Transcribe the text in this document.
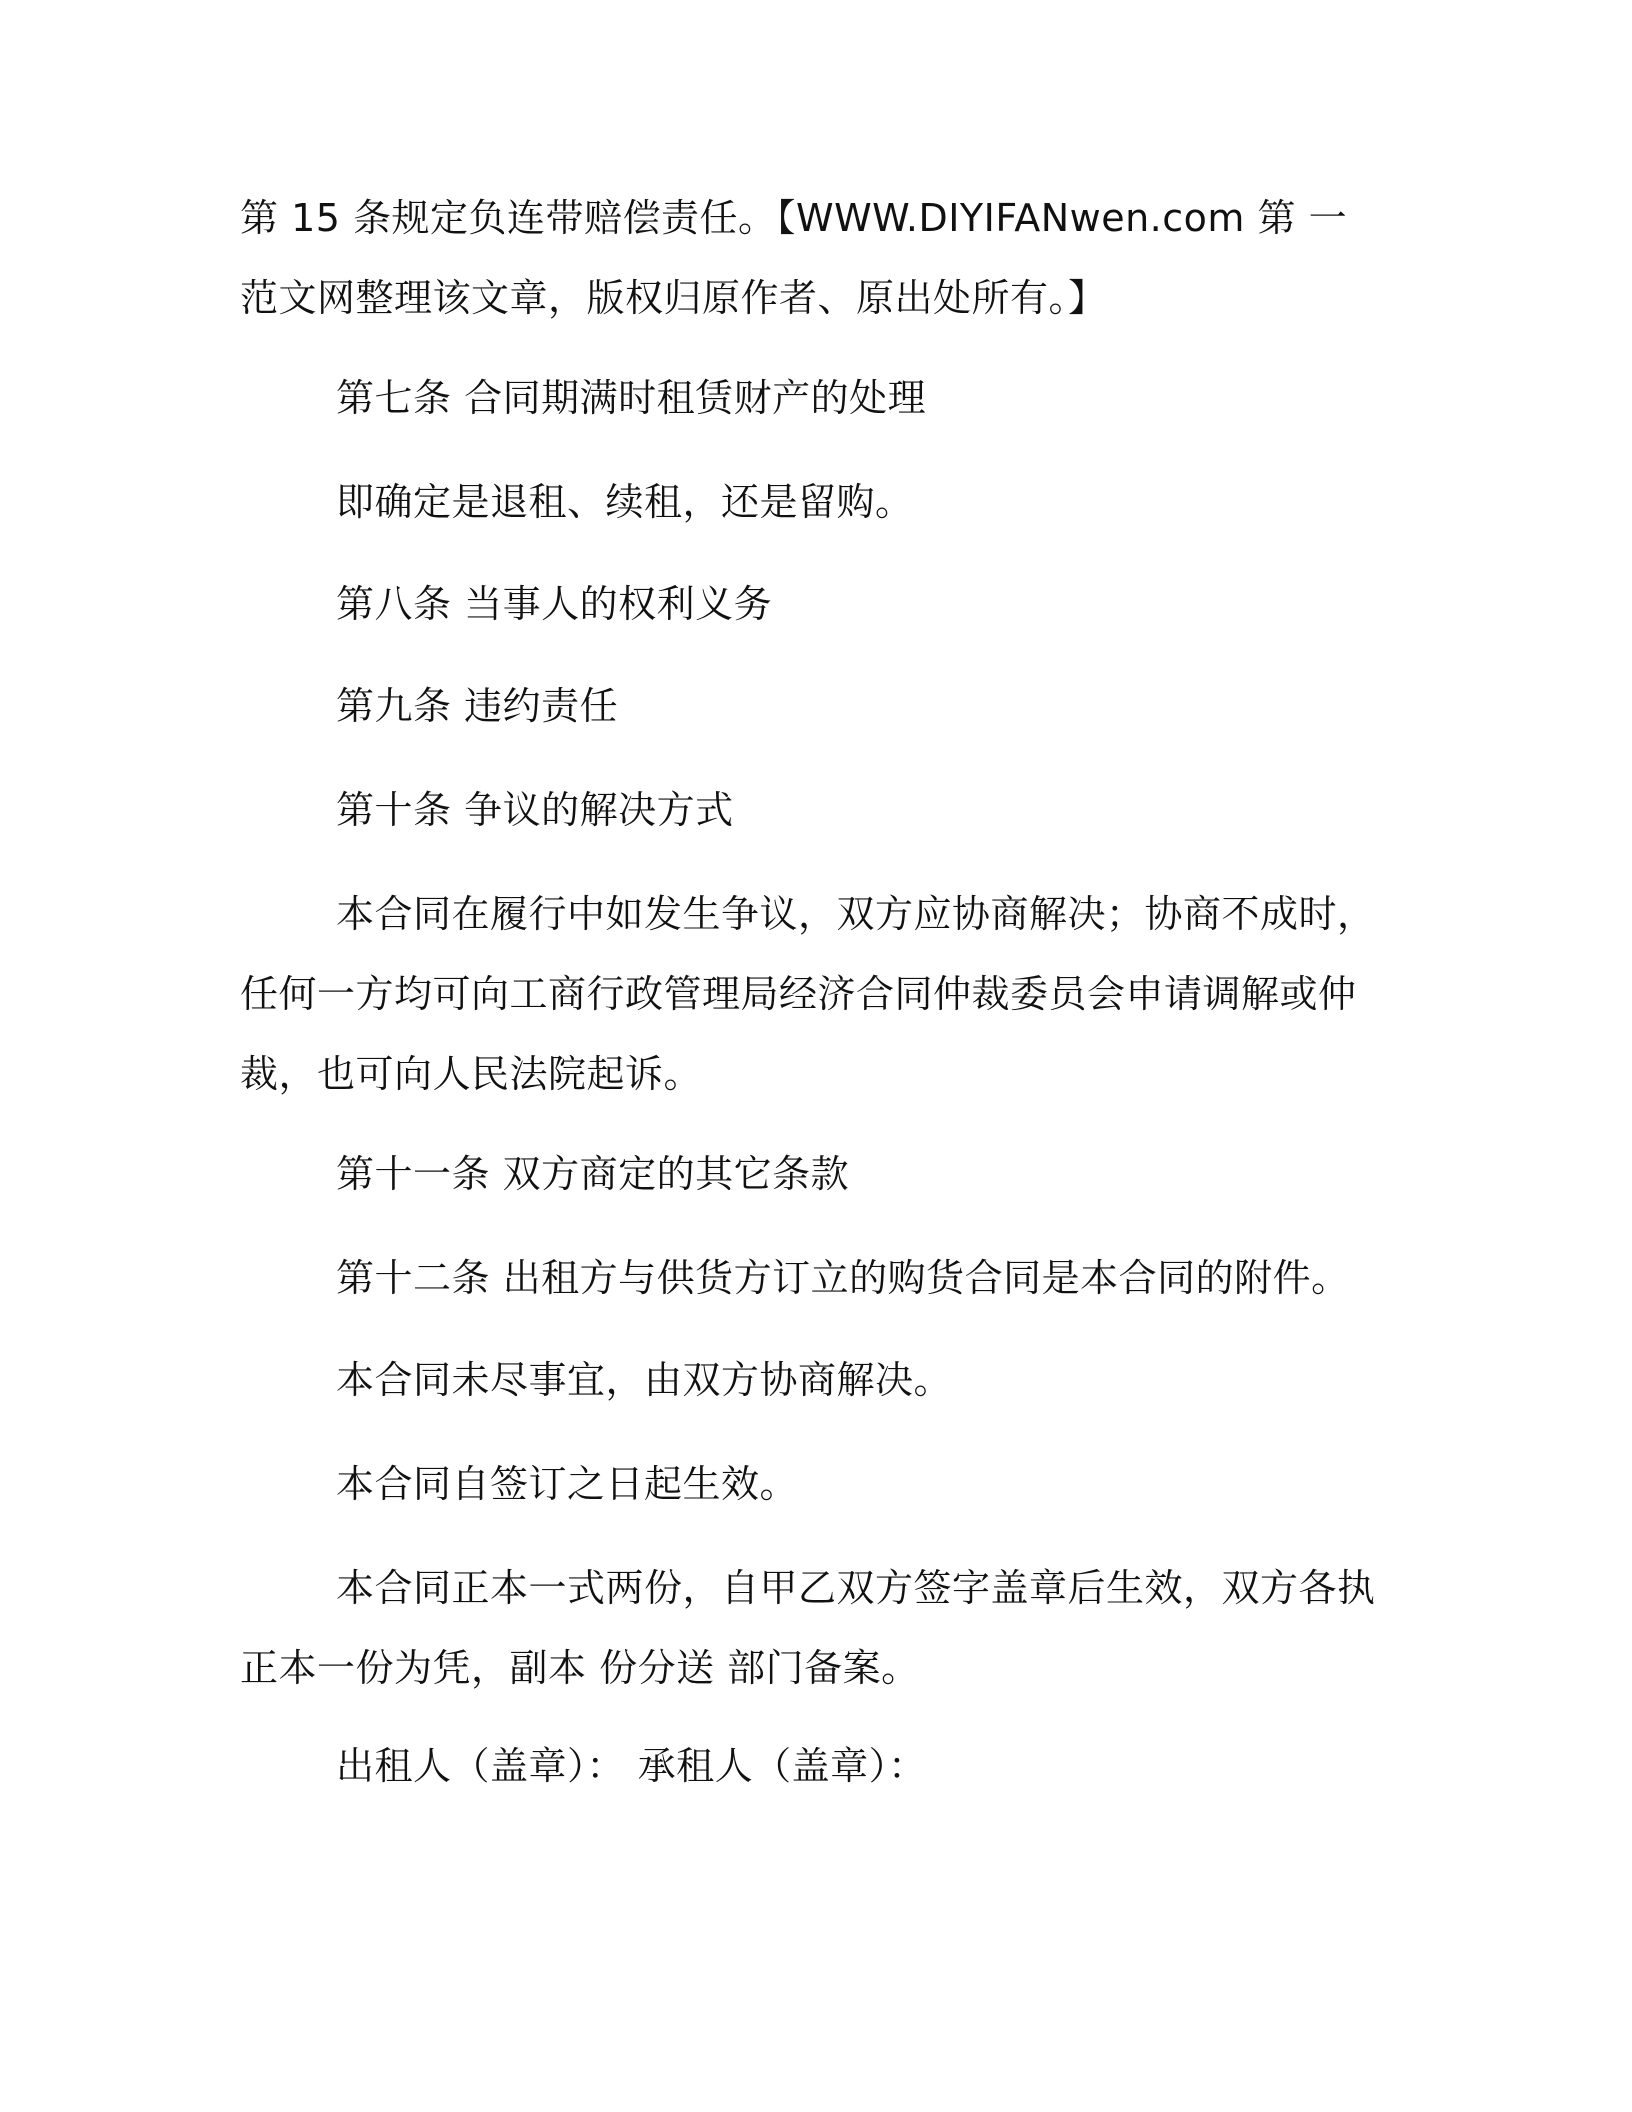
第 15 条规定负连带赔偿责任。【WWW.DIYIFANwen.com 第 一范文网整理该文章，版权归原作者、原出处所有。】

第七条 合同期满时租赁财产的处理

即确定是退租、续租，还是留购。

第八条 当事人的权利义务

第九条 违约责任

第十条 争议的解决方式

本合同在履行中如发生争议，双方应协商解决；协商不成时，任何一方均可向工商行政管理局经济合同仲裁委员会申请调解或仲裁，也可向人民法院起诉。

第十一条 双方商定的其它条款

第十二条 出租方与供货方订立的购货合同是本合同的附件。

本合同未尽事宜，由双方协商解决。

本合同自签订之日起生效。

本合同正本一式两份，自甲乙双方签字盖章后生效，双方各执正本一份为凭，副本 份分送 部门备案。

出租人（盖章）： 承租人（盖章）：
